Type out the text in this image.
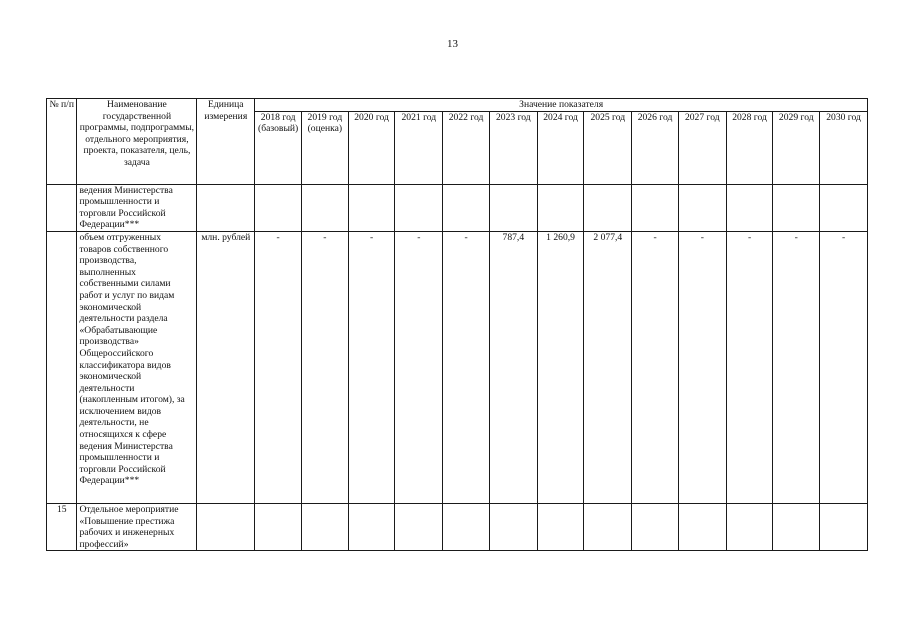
13
№ п/п	Наименование государственной программы, подпрограммы, отдельного мероприятия, проекта, показателя, цель, задача	Единица измерения	Значение показателя												
			2018 год (базовый)	2019 год (оценка)	2020 год	2021 год	2022 год	2023 год	2024 год	2025 год	2026 год	2027 год	2028 год	2029 год	2030 год
	ведения Министерства промышленности и торговли Российской Федерации***														
	объем отгруженных товаров собственного производства, выполненных собственными силами работ и услуг по видам экономической деятельности раздела «Обрабатывающие производства» Общероссийского классификатора видов экономической деятельности (накопленным итогом), за исключением видов деятельности, не относящихся к сфере ведения Министерства промышленности и торговли Российской Федерации***	млн. рублей	-	-	-	-	-	787,4	1 260,9	2 077,4	-	-	-	-	-
15	Отдельное мероприятие «Повышение престижа рабочих и инженерных профессий»														
